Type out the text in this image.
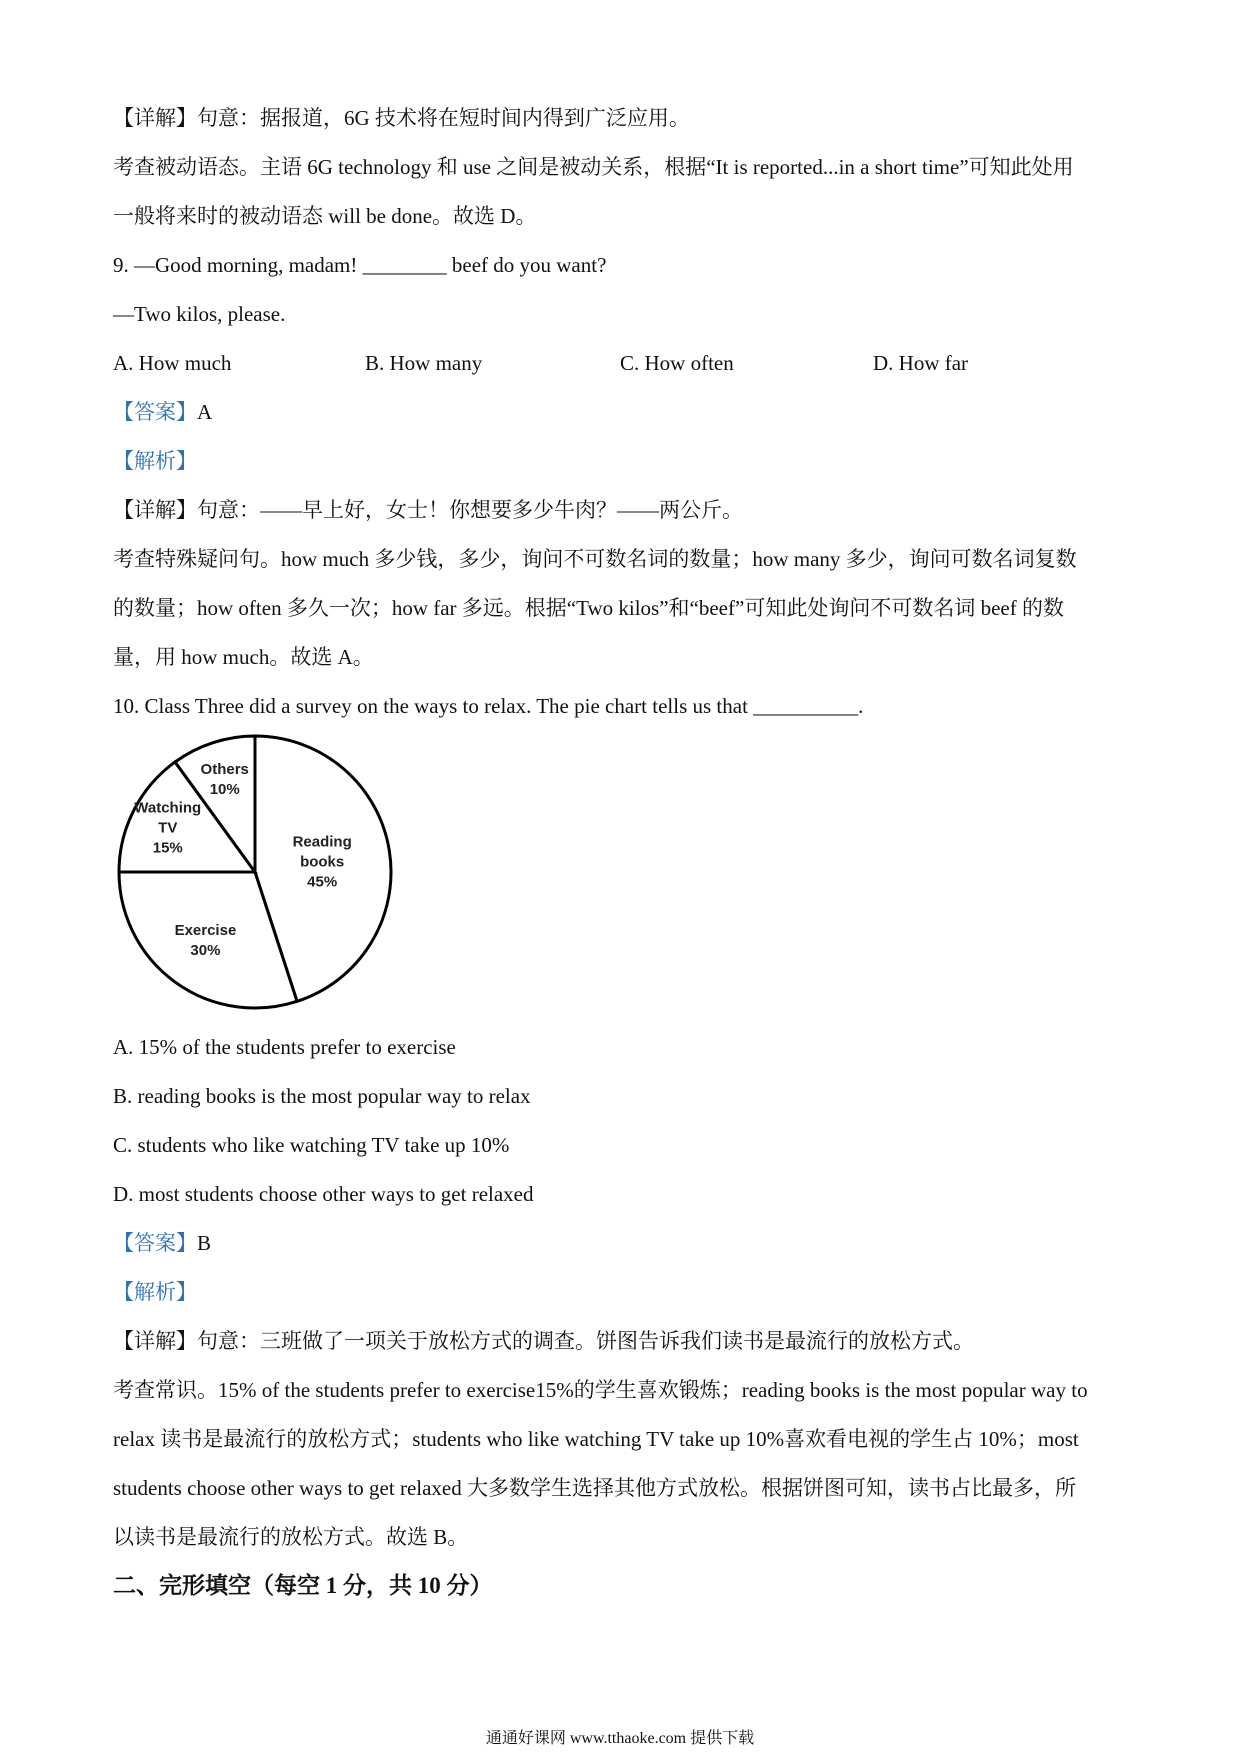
【详解】句意：据报道，6G 技术将在短时间内得到广泛应用。
考查被动语态。主语 6G technology 和 use 之间是被动关系，根据“It is reported...in a short time”可知此处用
一般将来时的被动语态 will be done。故选 D。
9. —Good morning, madam! ________ beef do you want?
—Two kilos, please.
A. How much	B. How many	C. How often	D. How far
【答案】A
【解析】
【详解】句意：——早上好，女士！你想要多少牛肉？——两公斤。
考查特殊疑问句。how much 多少钱，多少，询问不可数名词的数量；how many 多少，询问可数名词复数
的数量；how often 多久一次；how far 多远。根据“Two kilos”和“beef”可知此处询问不可数名词 beef 的数
量，用 how much。故选 A。
10. Class Three did a survey on the ways to relax. The pie chart tells us that __________.
Reading
books
45%
Exercise
30%
Watching
TV
15%
Others
10%
A. 15% of the students prefer to exercise
B. reading books is the most popular way to relax
C. students who like watching TV take up 10%
D. most students choose other ways to get relaxed
【答案】B
【解析】
【详解】句意：三班做了一项关于放松方式的调查。饼图告诉我们读书是最流行的放松方式。
考查常识。15% of the students prefer to exercise15%的学生喜欢锻炼；reading books is the most popular way to
relax 读书是最流行的放松方式；students who like watching TV take up 10%喜欢看电视的学生占 10%；most
students choose other ways to get relaxed 大多数学生选择其他方式放松。根据饼图可知，读书占比最多，所
以读书是最流行的放松方式。故选 B。
二、完形填空（每空 1 分，共 10 分）
通通好课网 www.tthaoke.com 提供下载
